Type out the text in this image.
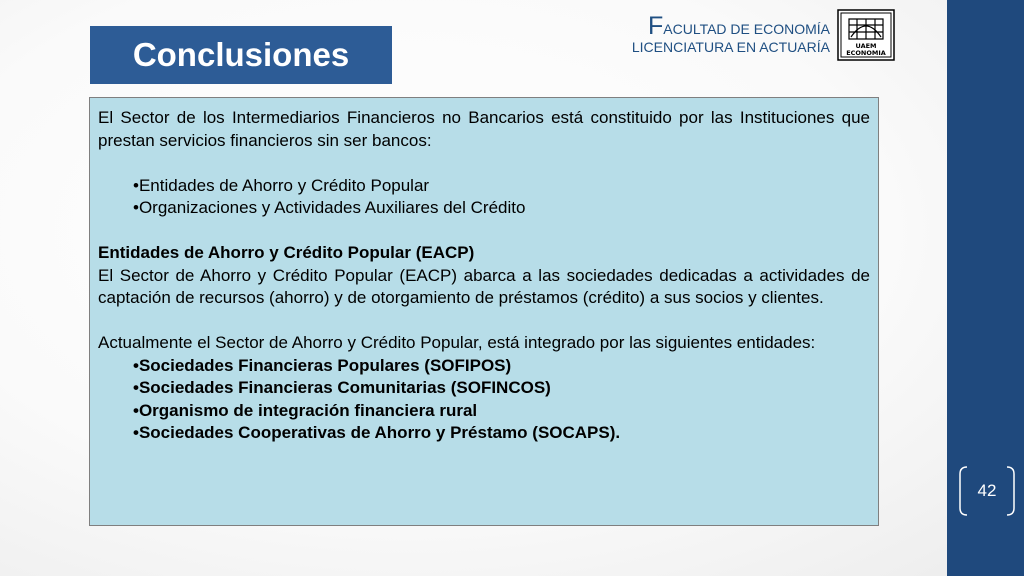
42
Conclusiones
FACULTAD DE ECONOMÍA
LICENCIATURA EN ACTUARÍA	UAEM
ECONOMIA

El Sector de los Intermediarios Financieros no Bancarios está constituido por las Instituciones que prestan servicios financieros sin ser bancos:

•Entidades de Ahorro y Crédito Popular
•Organizaciones y Actividades Auxiliares del Crédito

Entidades de Ahorro y Crédito Popular (EACP)

El Sector de Ahorro y Crédito Popular (EACP) abarca a las sociedades dedicadas a actividades de captación de recursos (ahorro) y de otorgamiento de préstamos (crédito) a sus socios y clientes.

Actualmente el Sector de Ahorro y Crédito Popular, está integrado por las siguientes entidades:

•Sociedades Financieras Populares (SOFIPOS)
•Sociedades Financieras Comunitarias (SOFINCOS)
•Organismo de integración financiera rural
•Sociedades Cooperativas de Ahorro y Préstamo (SOCAPS).
